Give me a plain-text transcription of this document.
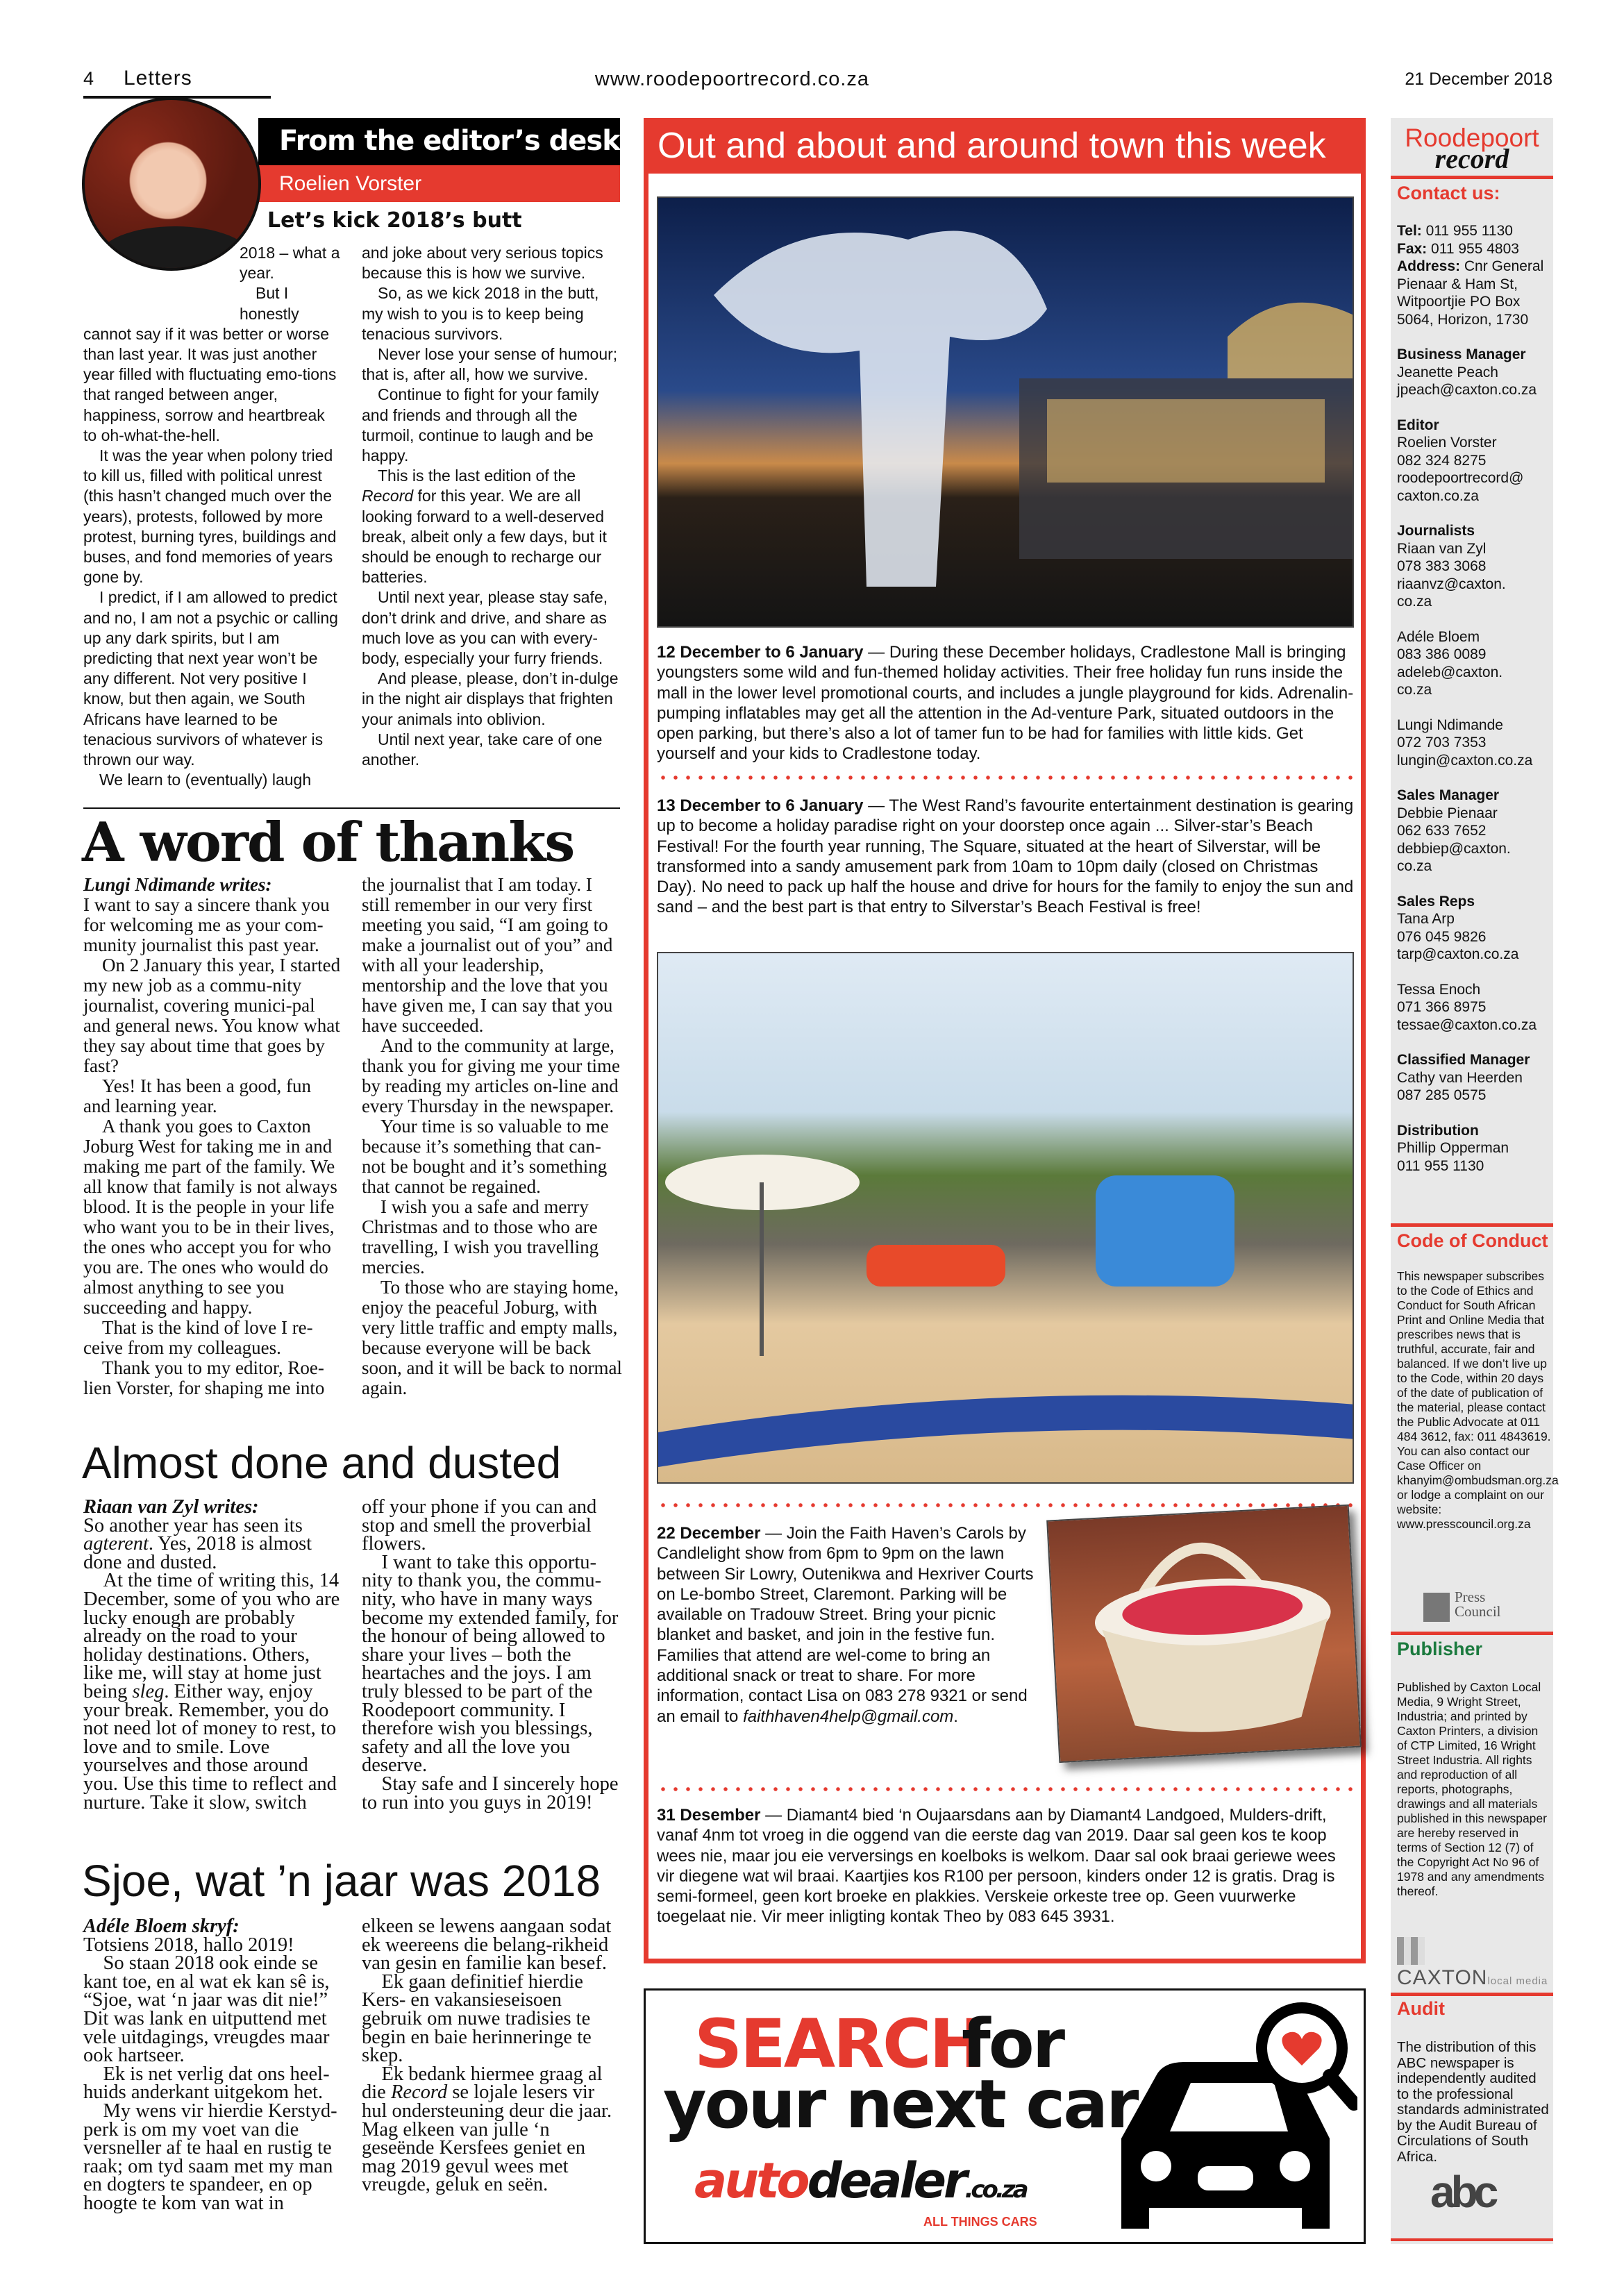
4 Letters	www.roodepoortrecord.co.za	21 December 2018
From the editor’s desk
Roelien Vorster
Let’s kick 2018’s butt

2018 – what a year.

But I honestly cannot say if it was better or worse than last year. It was just another year filled with fluctuating emo-tions that ranged between anger, happiness, sorrow and heartbreak to oh-what-the-hell.

It was the year when polony tried to kill us, filled with political unrest (this hasn’t changed much over the years), protests, followed by more protest, burning tyres, buildings and buses, and fond memories of years gone by.

I predict, if I am allowed to predict and no, I am not a psychic or calling up any dark spirits, but I am predicting that next year won’t be any different. Not very positive I know, but then again, we South Africans have learned to be tenacious survivors of whatever is thrown our way.

We learn to (eventually) laugh

and joke about very serious topics because this is how we survive.

So, as we kick 2018 in the butt, my wish to you is to keep being tenacious survivors.

Never lose your sense of humour; that is, after all, how we survive.

Continue to fight for your family and friends and through all the turmoil, continue to laugh and be happy.

This is the last edition of the Record for this year. We are all looking forward to a well-deserved break, albeit only a few days, but it should be enough to recharge our batteries.

Until next year, please stay safe, don’t drink and drive, and share as much love as you can with every-body, especially your furry friends.

And please, please, don’t in-dulge in the night air displays that frighten your animals into oblivion.

Until next year, take care of one another.

A word of thanks

Lungi Ndimande writes:

I want to say a sincere thank you for welcoming me as your com-munity journalist this past year.

On 2 January this year, I started my new job as a commu-nity journalist, covering munici-pal and general news. You know what they say about time that goes by fast?

Yes! It has been a good, fun and learning year.

A thank you goes to Caxton Joburg West for taking me in and making me part of the family. We all know that family is not always blood. It is the people in your life who want you to be in their lives, the ones who accept you for who you are. The ones who would do almost anything to see you succeeding and happy.

That is the kind of love I re-ceive from my colleagues.

Thank you to my editor, Roe-lien Vorster, for shaping me into

the journalist that I am today. I still remember in our very first meeting you said, “I am going to make a journalist out of you” and with all your leadership, mentorship and the love that you have given me, I can say that you have succeeded.

And to the community at large, thank you for giving me your time by reading my articles on-line and every Thursday in the newspaper.

Your time is so valuable to me because it’s something that can-not be bought and it’s something that cannot be regained.

I wish you a safe and merry Christmas and to those who are travelling, I wish you travelling mercies.

To those who are staying home, enjoy the peaceful Joburg, with very little traffic and empty malls, because everyone will be back soon, and it will be back to normal again.

Almost done and dusted

Riaan van Zyl writes:

So another year has seen its agterent. Yes, 2018 is almost done and dusted.

At the time of writing this, 14 December, some of you who are lucky enough are probably already on the road to your holiday destinations. Others, like me, will stay at home just being sleg. Either way, enjoy your break. Remember, you do not need lot of money to rest, to love and to smile. Love yourselves and those around you. Use this time to reflect and nurture. Take it slow, switch

off your phone if you can and stop and smell the proverbial flowers.

I want to take this opportu-nity to thank you, the commu-nity, who have in many ways become my extended family, for the honour of being allowed to share your lives – both the heartaches and the joys. I am truly blessed to be part of the Roodepoort community. I therefore wish you blessings, safety and all the love you deserve.

Stay safe and I sincerely hope to run into you guys in 2019!

Sjoe, wat ’n jaar was 2018

Adéle Bloem skryf:

Totsiens 2018, hallo 2019!

So staan 2018 ook einde se kant toe, en al wat ek kan sê is, “Sjoe, wat ‘n jaar was dit nie!” Dit was lank en uitputtend met vele uitdagings, vreugdes maar ook hartseer.

Ek is net verlig dat ons heel-huids anderkant uitgekom het.

My wens vir hierdie Kerstyd-perk is om my voet van die versneller af te haal en rustig te raak; om tyd saam met my man en dogters te spandeer, en op hoogte te kom van wat in

elkeen se lewens aangaan sodat ek weereens die belang-rikheid van gesin en familie kan besef.

Ek gaan definitief hierdie Kers- en vakansieseisoen gebruik om nuwe tradisies te begin en baie herinneringe te skep.

Ek bedank hiermee graag al die Record se lojale lesers vir hul ondersteuning deur die jaar. Mag elkeen van julle ‘n geseënde Kersfees geniet en mag 2019 gevul wees met vreugde, geluk en seën.

Out and about and around town this week
12 December to 6 January — During these December holidays, Cradlestone Mall is bringing youngsters some wild and fun-themed holiday activities. Their free holiday fun runs inside the mall in the lower level promotional courts, and includes a jungle playground for kids. Adrenalin-pumping inflatables may get all the attention in the Ad-venture Park, situated outdoors in the open parking, but there’s also a lot of tamer fun to be had for families with little kids. Get yourself and your kids to Cradlestone today.
13 December to 6 January — The West Rand’s favourite entertainment destination is gearing up to become a holiday paradise right on your doorstep once again ... Silver-star’s Beach Festival! For the fourth year running, The Square, situated at the heart of Silverstar, will be transformed into a sandy amusement park from 10am to 10pm daily (closed on Christmas Day). No need to pack up half the house and drive for hours for the family to enjoy the sun and sand – and the best part is that entry to Silverstar’s Beach Festival is free!
22 December — Join the Faith Haven’s Carols by Candlelight show from 6pm to 9pm on the lawn between Sir Lowry, Outenikwa and Hexriver Courts on Le-bombo Street, Claremont. Parking will be available on Tradouw Street. Bring your picnic blanket and basket, and join in the festive fun. Families that attend are wel-come to bring an additional snack or treat to share. For more information, contact Lisa on 083 278 9321 or send an email to faithhaven4help@gmail.com.
31 Desember — Diamant4 bied ‘n Oujaarsdans aan by Diamant4 Landgoed, Mulders-drift, vanaf 4nm tot vroeg in die oggend van die eerste dag van 2019. Daar sal geen kos te koop wees nie, maar jou eie verversings en koelboks is welkom. Daar sal ook braai geriewe wees vir diegene wat wil braai. Kaartjies kos R100 per persoon, kinders onder 12 is gratis. Drag is semi-formeel, geen kort broeke en plakkies. Verskeie orkeste tree op. Geen vuurwerke toegelaat nie. Vir meer inligting kontak Theo by 083 645 3931.
SEARCH
for
your next car
autodealer.co.za
ALL THINGS CARS
Roodepoort
record
Contact us:
Tel: 011 955 1130
Fax: 011 955 4803
Address: Cnr General Pienaar & Ham St, Witpoortjie PO Box 5064, Horizon, 1730
Business Manager
Jeanette Peach
jpeach@caxton.co.za
Editor
Roelien Vorster
082 324 8275
roodepoortrecord@
caxton.co.za
Journalists
Riaan van Zyl
078 383 3068
riaanvz@caxton.
co.za
Adéle Bloem
083 386 0089
adeleb@caxton.
co.za
Lungi Ndimande
072 703 7353
lungin@caxton.co.za
Sales Manager
Debbie Pienaar
062 633 7652
debbiep@caxton.
co.za
Sales Reps
Tana Arp
076 045 9826
tarp@caxton.co.za
Tessa Enoch
071 366 8975
tessae@caxton.co.za
Classified Manager
Cathy van Heerden
087 285 0575
Distribution
Phillip Opperman
011 955 1130
Code of Conduct
This newspaper subscribes to the Code of Ethics and Conduct for South African Print and Online Media that prescribes news that is truthful, accurate, fair and balanced. If we don’t live up to the Code, within 20 days of the date of publication of the material, please contact the Public Advocate at 011 484 3612, fax: 011 4843619. You can also contact our Case Officer on khanyim@ombudsman.org.za or lodge a complaint on our website: www.presscouncil.org.za
Press Council
Publisher
Published by Caxton Local Media, 9 Wright Street, Industria; and printed by Caxton Printers, a division of CTP Limited, 16 Wright Street Industria. All rights and reproduction of all reports, photographs, drawings and all materials published in this newspaper are hereby reserved in terms of Section 12 (7) of the Copyright Act No 96 of 1978 and any amendments thereof.
CAXTONlocal media
Audit
The distribution of this ABC newspaper is independently audited to the professional standards administrated by the Audit Bureau of Circulations of South Africa.
abc
